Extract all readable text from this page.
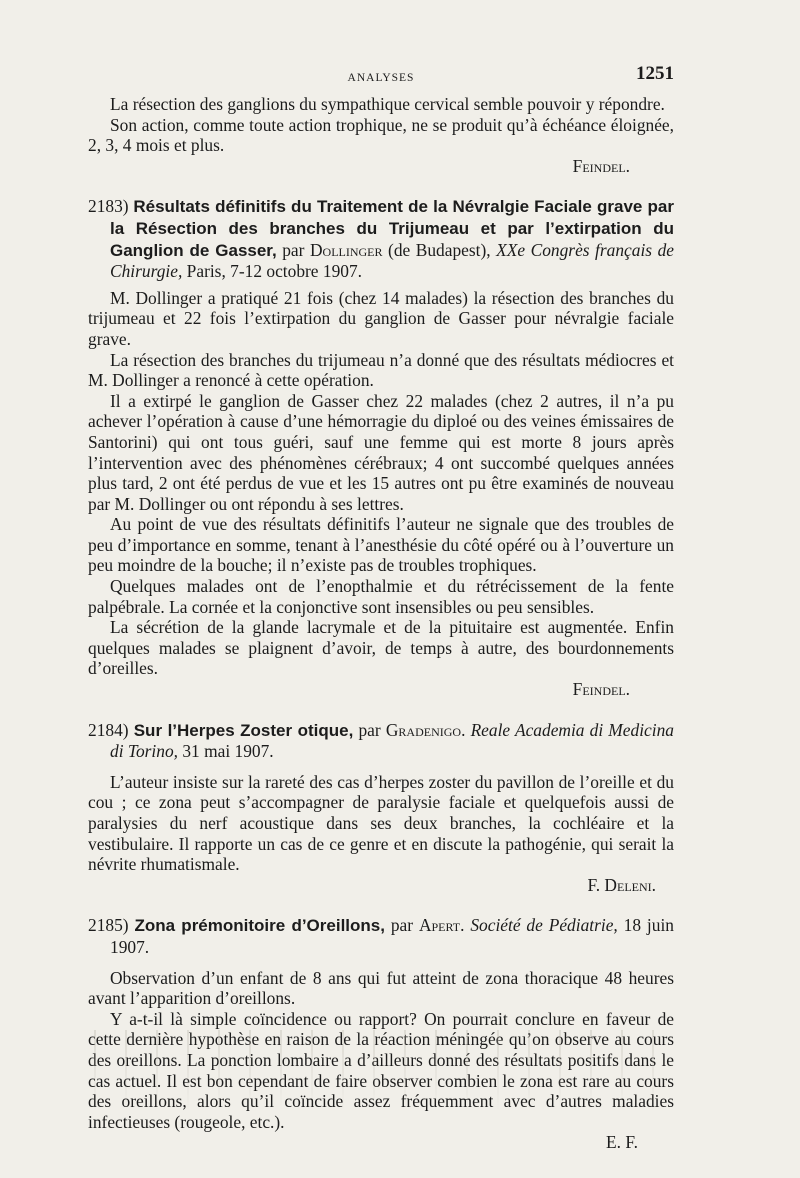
ANALYSES	1251

La résection des ganglions du sympathique cervical semble pouvoir y répondre.

Son action, comme toute action trophique, ne se produit qu’à échéance éloignée, 2, 3, 4 mois et plus.

Feindel.

2183) Résultats définitifs du Traitement de la Névralgie Faciale grave par la Résection des branches du Trijumeau et par l’extirpation du Ganglion de Gasser, par Dollinger (de Budapest), XXe Congrès français de Chirurgie, Paris, 7-12 octobre 1907.

M. Dollinger a pratiqué 21 fois (chez 14 malades) la résection des branches du trijumeau et 22 fois l’extirpation du ganglion de Gasser pour névralgie faciale grave.

La résection des branches du trijumeau n’a donné que des résultats médiocres et M. Dollinger a renoncé à cette opération.

Il a extirpé le ganglion de Gasser chez 22 malades (chez 2 autres, il n’a pu achever l’opération à cause d’une hémorragie du diploé ou des veines émissaires de Santorini) qui ont tous guéri, sauf une femme qui est morte 8 jours après l’intervention avec des phénomènes cérébraux; 4 ont succombé quelques années plus tard, 2 ont été perdus de vue et les 15 autres ont pu être examinés de nouveau par M. Dollinger ou ont répondu à ses lettres.

Au point de vue des résultats définitifs l’auteur ne signale que des troubles de peu d’importance en somme, tenant à l’anesthésie du côté opéré ou à l’ouverture un peu moindre de la bouche; il n’existe pas de troubles trophiques.

Quelques malades ont de l’enopthalmie et du rétrécissement de la fente palpébrale. La cornée et la conjonctive sont insensibles ou peu sensibles.

La sécrétion de la glande lacrymale et de la pituitaire est augmentée. Enfin quelques malades se plaignent d’avoir, de temps à autre, des bourdonnements d’oreilles.

Feindel.

2184) Sur l’Herpes Zoster otique, par Gradenigo. Reale Academia di Medicina di Torino, 31 mai 1907.

L’auteur insiste sur la rareté des cas d’herpes zoster du pavillon de l’oreille et du cou ; ce zona peut s’accompagner de paralysie faciale et quelquefois aussi de paralysies du nerf acoustique dans ses deux branches, la cochléaire et la vestibulaire. Il rapporte un cas de ce genre et en discute la pathogénie, qui serait la névrite rhumatismale.

F. Deleni.

2185) Zona prémonitoire d’Oreillons, par Apert. Société de Pédiatrie, 18 juin 1907.

Observation d’un enfant de 8 ans qui fut atteint de zona thoracique 48 heures avant l’apparition d’oreillons.

Y a-t-il là simple coïncidence ou rapport? On pourrait conclure en faveur de cette dernière hypothèse en raison de la réaction méningée qu’on observe au cours des oreillons. La ponction lombaire a d’ailleurs donné des résultats positifs dans le cas actuel. Il est bon cependant de faire observer combien le zona est rare au cours des oreillons, alors qu’il coïncide assez fréquemment avec d’autres maladies infectieuses (rougeole, etc.).

E. F.
